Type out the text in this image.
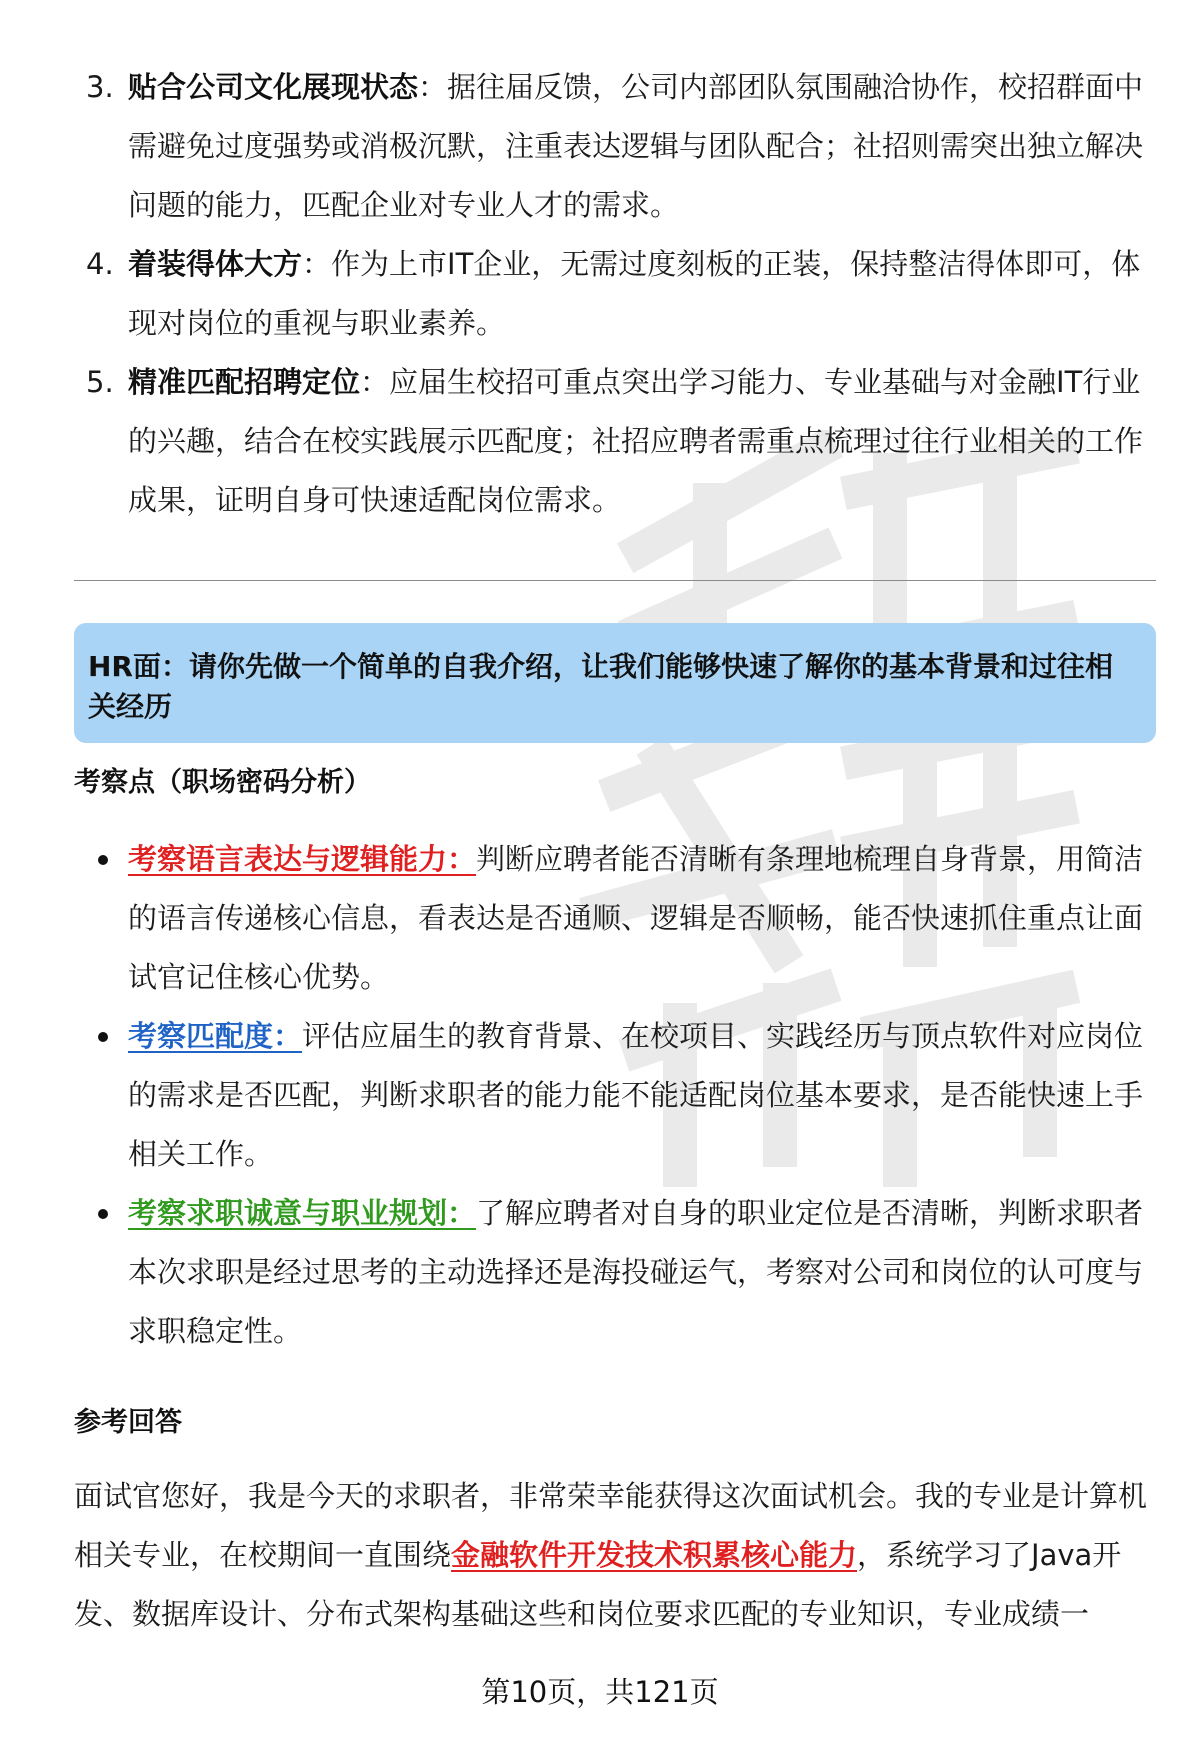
3. 贴合公司文化展现状态：据往届反馈，公司内部团队氛围融洽协作，校招群面中需避免过度强势或消极沉默，注重表达逻辑与团队配合；社招则需突出独立解决问题的能力，匹配企业对专业人才的需求。
4. 着装得体大方：作为上市IT企业，无需过度刻板的正装，保持整洁得体即可，体现对岗位的重视与职业素养。
5. 精准匹配招聘定位：应届生校招可重点突出学习能力、专业基础与对金融IT行业的兴趣，结合在校实践展示匹配度；社招应聘者需重点梳理过往行业相关的工作成果，证明自身可快速适配岗位需求。
HR面：请你先做一个简单的自我介绍，让我们能够快速了解你的基本背景和过往相关经历
考察点（职场密码分析）
考察语言表达与逻辑能力：判断应聘者能否清晰有条理地梳理自身背景，用简洁的语言传递核心信息，看表达是否通顺、逻辑是否顺畅，能否快速抓住重点让面试官记住核心优势。
考察匹配度：评估应届生的教育背景、在校项目、实践经历与顶点软件对应岗位的需求是否匹配，判断求职者的能力能不能适配岗位基本要求，是否能快速上手相关工作。
考察求职诚意与职业规划：了解应聘者对自身的职业定位是否清晰，判断求职者本次求职是经过思考的主动选择还是海投碰运气，考察对公司和岗位的认可度与求职稳定性。
参考回答
面试官您好，我是今天的求职者，非常荣幸能获得这次面试机会。我的专业是计算机相关专业，在校期间一直围绕金融软件开发技术积累核心能力，系统学习了Java开发、数据库设计、分布式架构基础这些和岗位要求匹配的专业知识，专业成绩一
第10页，共121页
